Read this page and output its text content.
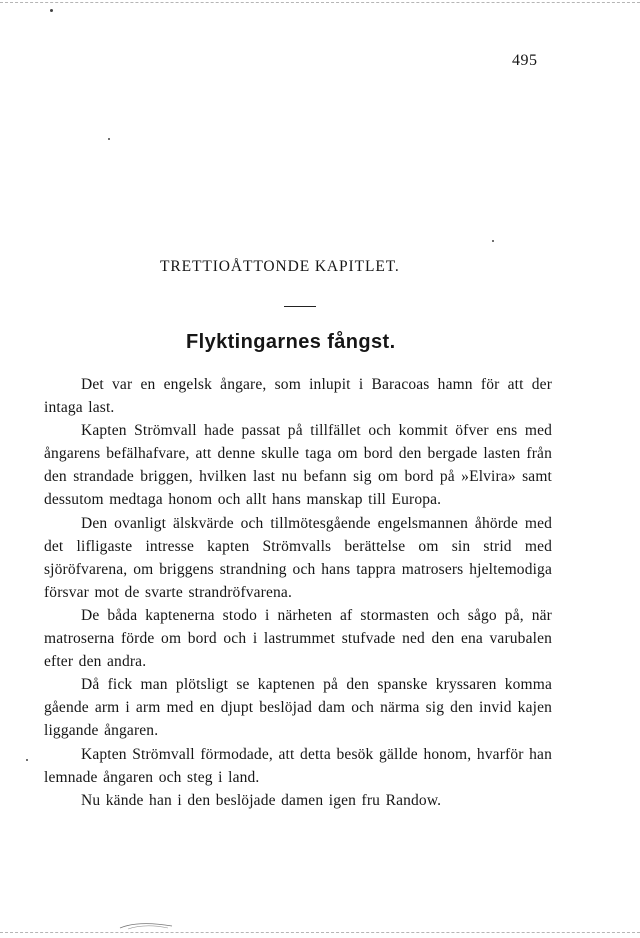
495
TRETTIOÅTTONDE KAPITLET.
Flyktingarnes fångst.

Det var en engelsk ångare, som inlupit i Baracoas hamn för att der intaga last.

Kapten Strömvall hade passat på tillfället och kommit öfver ens med ångarens befälhafvare, att denne skulle taga om bord den bergade lasten från den strandade briggen, hvilken last nu befann sig om bord på »Elvira» samt dessutom medtaga honom och allt hans manskap till Europa.

Den ovanligt älskvärde och tillmötesgående engelsmannen åhörde med det lifligaste intresse kapten Strömvalls berättelse om sin strid med sjöröfvarena, om briggens strandning och hans tappra matrosers hjeltemodiga försvar mot de svarte strandröfvarena.

De båda kaptenerna stodo i närheten af stormasten och sågo på, när matroserna förde om bord och i lastrummet stufvade ned den ena varubalen efter den andra.

Då fick man plötsligt se kaptenen på den spanske kryssaren komma gående arm i arm med en djupt beslöjad dam och närma sig den invid kajen liggande ångaren.

Kapten Strömvall förmodade, att detta besök gällde honom, hvarför han lemnade ångaren och steg i land.

Nu kände han i den beslöjade damen igen fru Randow.
